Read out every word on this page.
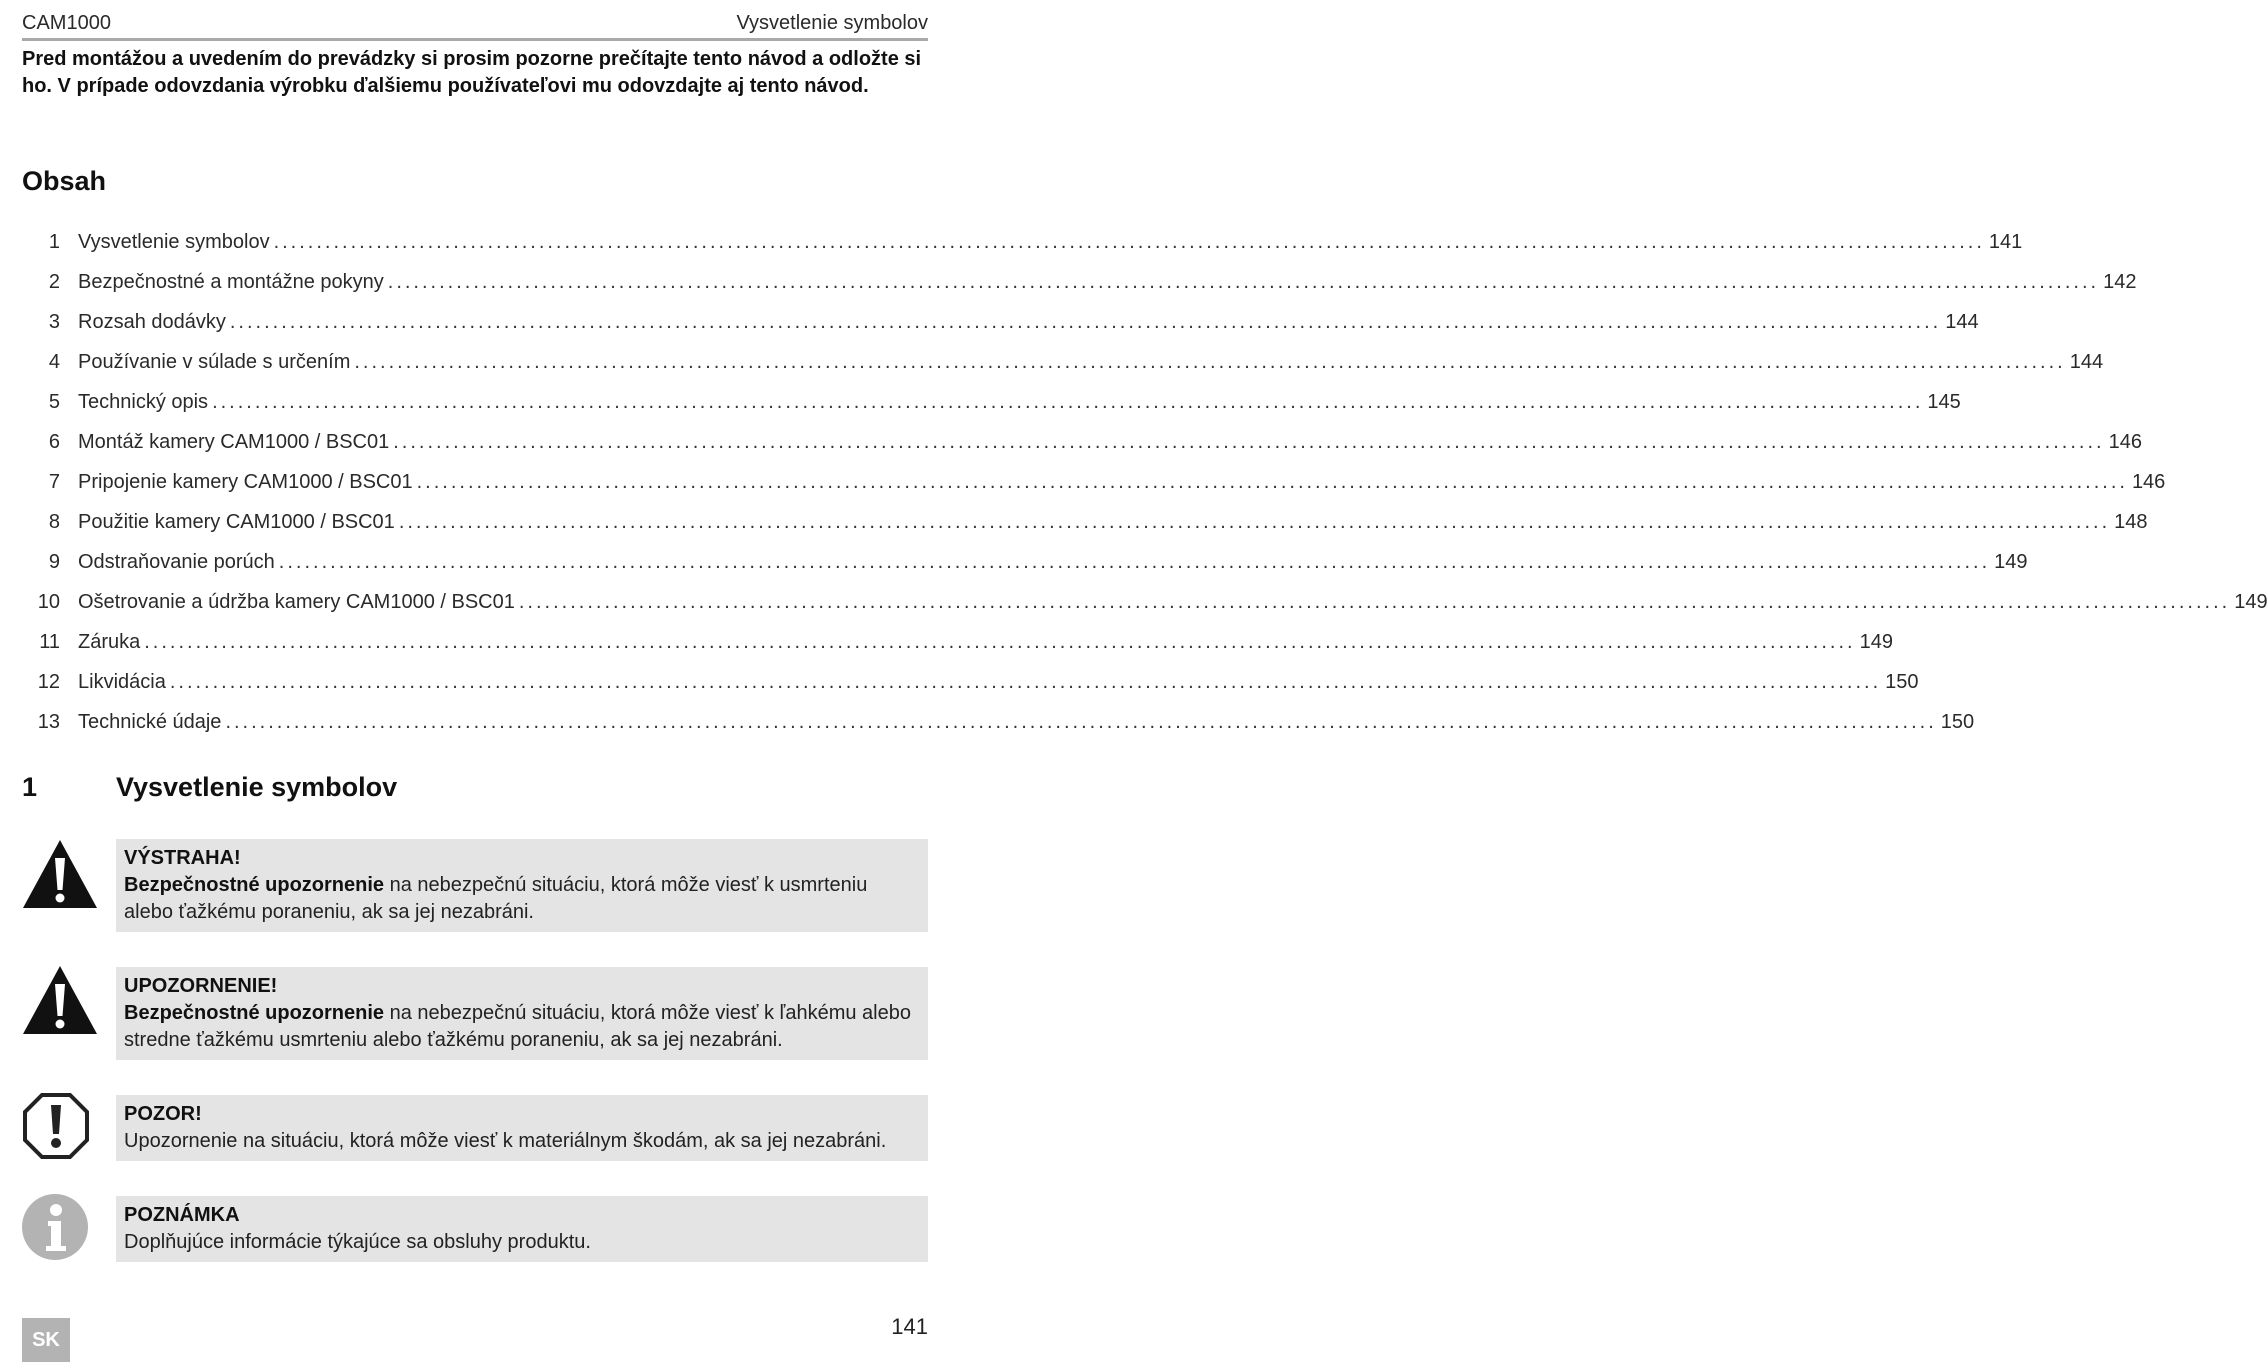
CAM1000	Vysvetlenie symbolov
Pred montážou a uvedením do prevádzky si prosim pozorne prečítajte tento návod a odložte si ho. V prípade odovzdania výrobku ďalšiemu používateľovi mu odovzdajte aj tento návod.
Obsah
1 Vysvetlenie symbolov ........................................................................................................................................................................................................ 141
2 Bezpečnostné a montážne pokyny ........................................................................................................................................................................................................ 142
3 Rozsah dodávky ........................................................................................................................................................................................................ 144
4 Používanie v súlade s určením ........................................................................................................................................................................................................ 144
5 Technický opis ........................................................................................................................................................................................................ 145
6 Montáž kamery CAM1000 / BSC01 ........................................................................................................................................................................................................ 146
7 Pripojenie kamery CAM1000 / BSC01 ........................................................................................................................................................................................................ 146
8 Použitie kamery CAM1000 / BSC01 ........................................................................................................................................................................................................ 148
9 Odstraňovanie porúch ........................................................................................................................................................................................................ 149
10 Ošetrovanie a údržba kamery CAM1000 / BSC01 ........................................................................................................................................................................................................ 149
11 Záruka ........................................................................................................................................................................................................ 149
12 Likvidácia ........................................................................................................................................................................................................ 150
13 Technické údaje ........................................................................................................................................................................................................ 150
1	Vysvetlenie symbolov
VÝSTRAHA!
Bezpečnostné upozornenie na nebezpečnú situáciu, ktorá môže viesť k usmrteniu alebo ťažkému poraneniu, ak sa jej nezabráni.
UPOZORNENIE!
Bezpečnostné upozornenie na nebezpečnú situáciu, ktorá môže viesť k ľahkému alebo stredne ťažkému usmrteniu alebo ťažkému poraneniu, ak sa jej nezabráni.
POZOR!
Upozornenie na situáciu, ktorá môže viesť k materiálnym škodám, ak sa jej nezabráni.
POZNÁMKA
Doplňujúce informácie týkajúce sa obsluhy produktu.
SK
141
